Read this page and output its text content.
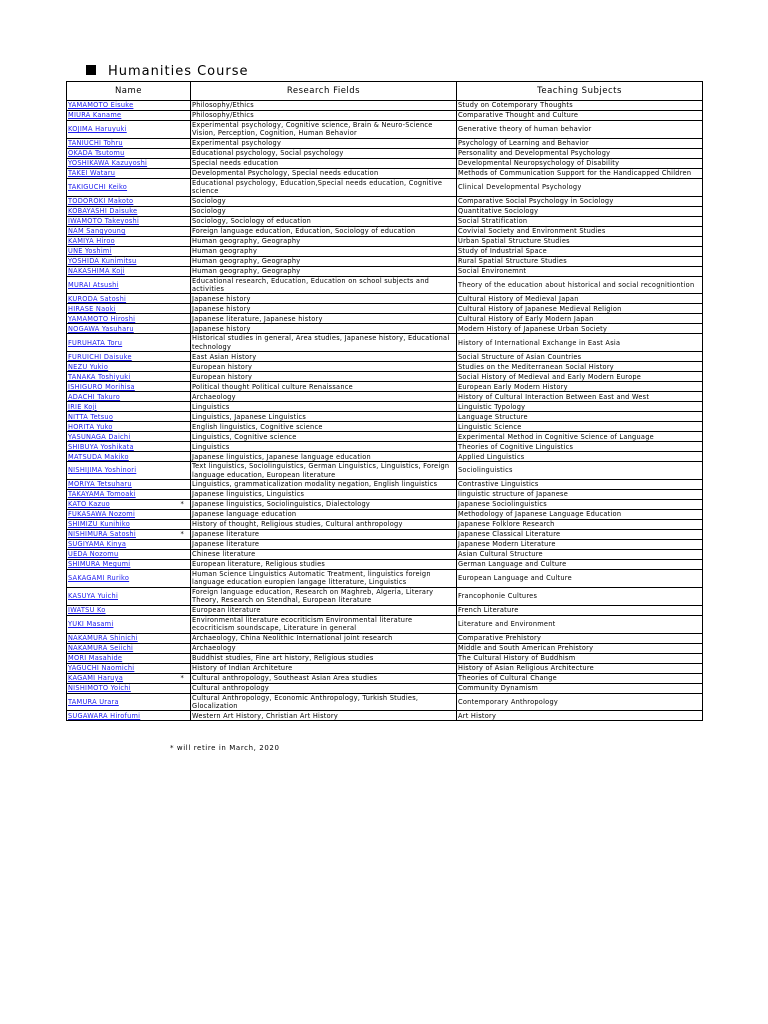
Humanities Course
Name	Research Fields	Teaching Subjects
YAMAMOTO Eisuke	Philosophy/Ethics	Study on Cotemporary Thoughts
MIURA Kaname	Philosophy/Ethics	Comparative Thought and Culture
KOJIMA Haruyuki	Experimental psychology, Cognitive science, Brain & Neuro-Science Vision, Perception, Cognition, Human Behavior	Generative theory of human behavior
TANIUCHI Tohru	Experimental psychology	Psychology of Learning and Behavior
OKADA Tsutomu	Educational psychology, Social psychology	Personality and Developmental Psychology
YOSHIKAWA Kazuyoshi	Special needs education	Developmental Neuropsychology of Disability
TAKEI Wataru	Developmental Psychology, Special needs education	Methods of Communication Support for the Handicapped Children
TAKIGUCHI Keiko	Educational psychology, Education,Special needs education, Cognitive science	Clinical Developmental Psychology
TODOROKI Makoto	Sociology	Comparative Social Psychology in Sociology
KOBAYASHI Daisuke	Sociology	Quantitative Sociology
IWAMOTO Takeyoshi	Sociology, Sociology of education	Social Stratification
NAM Sangyoung	Foreign language education, Education, Sociology of education	Covivial Society and Environment Studies
KAMIYA Hiroo	Human geography, Geography	Urban Spatial Structure Studies
UNE Yoshimi	Human geography	Study of Industrial Space
YOSHIDA Kunimitsu	Human geography, Geography	Rural Spatial Structure Studies
NAKASHIMA Koji	Human geography, Geography	Social Environemnt
MURAI Atsushi	Educational research, Education, Education on school subjects and activities	Theory of the education about historical and social recognitiontion
KURODA Satoshi	Japanese history	Cultural History of Medieval Japan
HIRASE Naoki	Japanese history	Cultural History of Japanese Medieval Religion
YAMAMOTO Hiroshi	Japanese literature, Japanese history	Cultural History of Early Modern Japan
NOGAWA Yasuharu	Japanese history	Modern History of Japanese Urban Society
FURUHATA Toru	Historical studies in general, Area studies, Japanese history, Educational technology	History of International Exchange in East Asia
FURUICHI Daisuke	East Asian History	Social Structure of Asian Countries
NEZU Yukio	European history	Studies on the Mediterranean Social History
TANAKA Toshiyuki	European history	Social History of Medieval and Early Modern Europe
ISHIGURO Morihisa	Political thought Political culture Renaissance	European Early Modern History
ADACHI Takuro	Archaeology	History of Cultural Interaction Between East and West
IRIE Koji	Linguistics	Linguistic Typology
NITTA Tetsuo	Linguistics, Japanese Linguistics	Language Structure
HORITA Yuko	English linguistics, Cognitive science	Linguistic Science
YASUNAGA Daichi	Linguistics, Cognitive science	Experimental Method in Cognitive Science of Language
SHIBUYA Yoshikata	Linguistics	Theories of Cognitive Linguistics
MATSUDA Makiko	Japanese linguistics, Japanese language education	Applied Linguistics
NISHIJIMA Yoshinori	Text linguistics, Sociolinguistics, German Linguistics, Linguistics, Foreign language education, European literature	Sociolinguistics
MORIYA Tetsuharu	Linguistics, grammaticalization modality negation, English linguistics	Contrastive Linguistics
TAKAYAMA Tomoaki	Japanese linguistics, Linguistics	linguistic structure of Japanese
KATO Kazuo *	Japanese linguistics, Sociolinguistics, Dialectology	Japanese Sociolinguistics
FUKASAWA Nozomi	Japanese language education	Methodology of Japanese Language Education
SHIMIZU Kunihiko	History of thought, Religious studies, Cultural anthropology	Japanese Folklore Research
NISHIMURA Satoshi *	Japanese literature	Japanese Classical Literature
SUGIYAMA Kinya	Japanese literature	Japanese Modern Literature
UEDA Nozomu	Chinese literature	Asian Cultural Structure
SHIMURA Megumi	European literature, Religious studies	German Language and Culture
SAKAGAMI Ruriko	Human Science Linguistics Automatic Treatment, linguistics foreign language education europien langage litterature, Linguistics	European Language and Culture
KASUYA Yuichi	Foreign language education, Research on Maghreb, Algeria, Literary Theory, Research on Stendhal, European literature	Francophonie Cultures
IWATSU Ko	European literature	French Literature
YUKI Masami	Environmental literature ecocriticism Environmental literature ecocriticism soundscape, Literature in general	Literature and Environment
NAKAMURA Shinichi	Archaeology, China Neolithic International joint research	Comparative Prehistory
NAKAMURA Seiichi	Archaeology	Middle and South American Prehistory
MORI Masahide	Buddhist studies, Fine art history, Religious studies	The Cultural History of Buddhism
YAGUCHI Naomichi	History of Indian Architeture	History of Asian Religious Architecture
KAGAMI Haruya *	Cultural anthropology, Southeast Asian Area studies	Theories of Cultural Change
NISHIMOTO Yoichi	Cultural anthropology	Community Dynamism
TAMURA Urara	Cultural Anthropology, Economic Anthropology, Turkish Studies, Glocalization	Contemporary Anthropology
SUGAWARA Hirofumi	Western Art History, Christian Art History	Art History
* will retire in March, 2020
